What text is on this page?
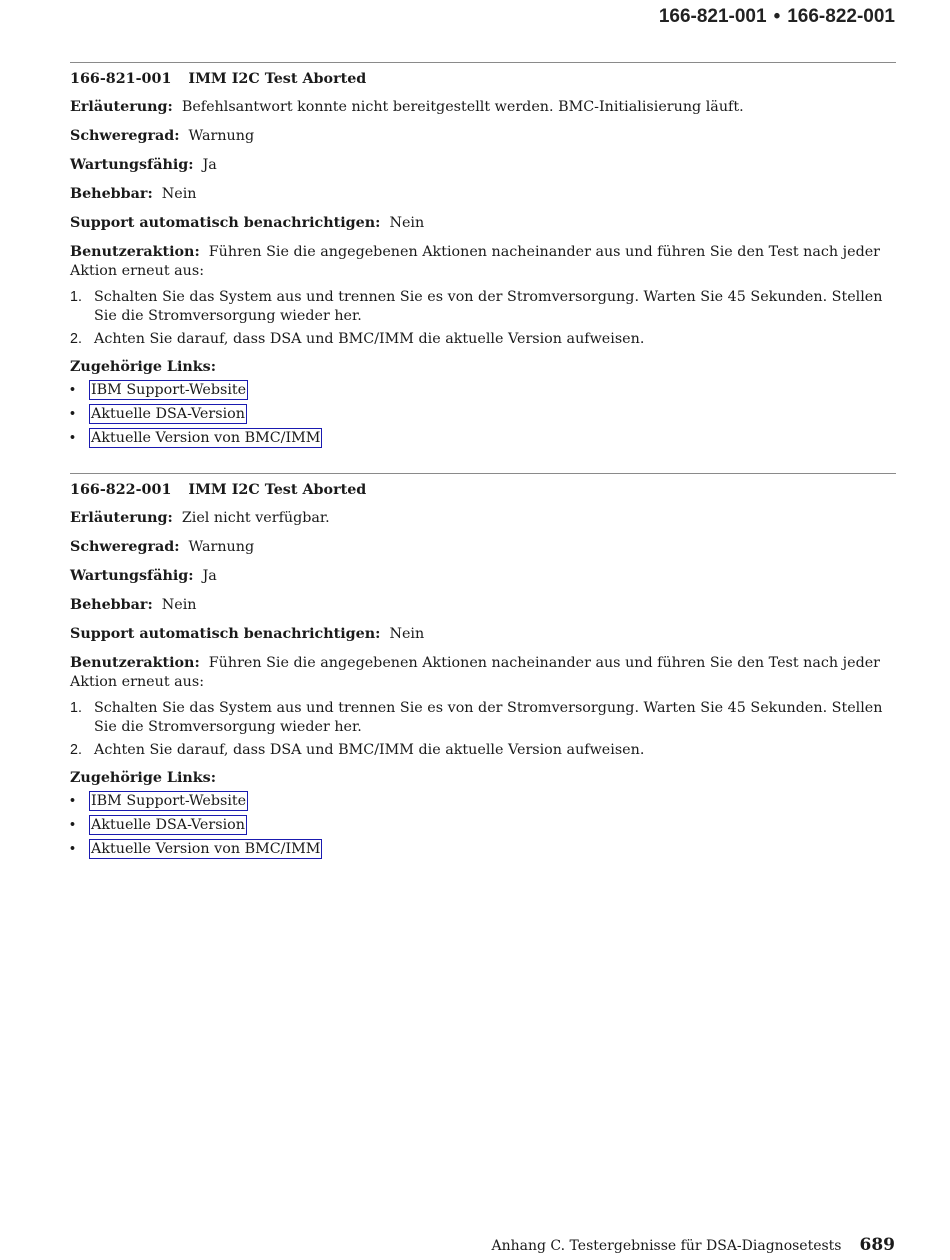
166-821-001 • 166-822-001
166-821-001 IMM I2C Test Aborted
Erläuterung: Befehlsantwort konnte nicht bereitgestellt werden. BMC-Initialisierung läuft.
Schweregrad: Warnung
Wartungsfähig: Ja
Behebbar: Nein
Support automatisch benachrichtigen: Nein
Benutzeraktion: Führen Sie die angegebenen Aktionen nacheinander aus und führen Sie den Test nach jeder Aktion erneut aus:
1. Schalten Sie das System aus und trennen Sie es von der Stromversorgung. Warten Sie 45 Sekunden. Stellen Sie die Stromversorgung wieder her.
2. Achten Sie darauf, dass DSA und BMC/IMM die aktuelle Version aufweisen.
Zugehörige Links:
• IBM Support-Website
• Aktuelle DSA-Version
• Aktuelle Version von BMC/IMM
166-822-001 IMM I2C Test Aborted
Erläuterung: Ziel nicht verfügbar.
Schweregrad: Warnung
Wartungsfähig: Ja
Behebbar: Nein
Support automatisch benachrichtigen: Nein
Benutzeraktion: Führen Sie die angegebenen Aktionen nacheinander aus und führen Sie den Test nach jeder Aktion erneut aus:
1. Schalten Sie das System aus und trennen Sie es von der Stromversorgung. Warten Sie 45 Sekunden. Stellen Sie die Stromversorgung wieder her.
2. Achten Sie darauf, dass DSA und BMC/IMM die aktuelle Version aufweisen.
Zugehörige Links:
• IBM Support-Website
• Aktuelle DSA-Version
• Aktuelle Version von BMC/IMM
Anhang C. Testergebnisse für DSA-Diagnosetests 689
